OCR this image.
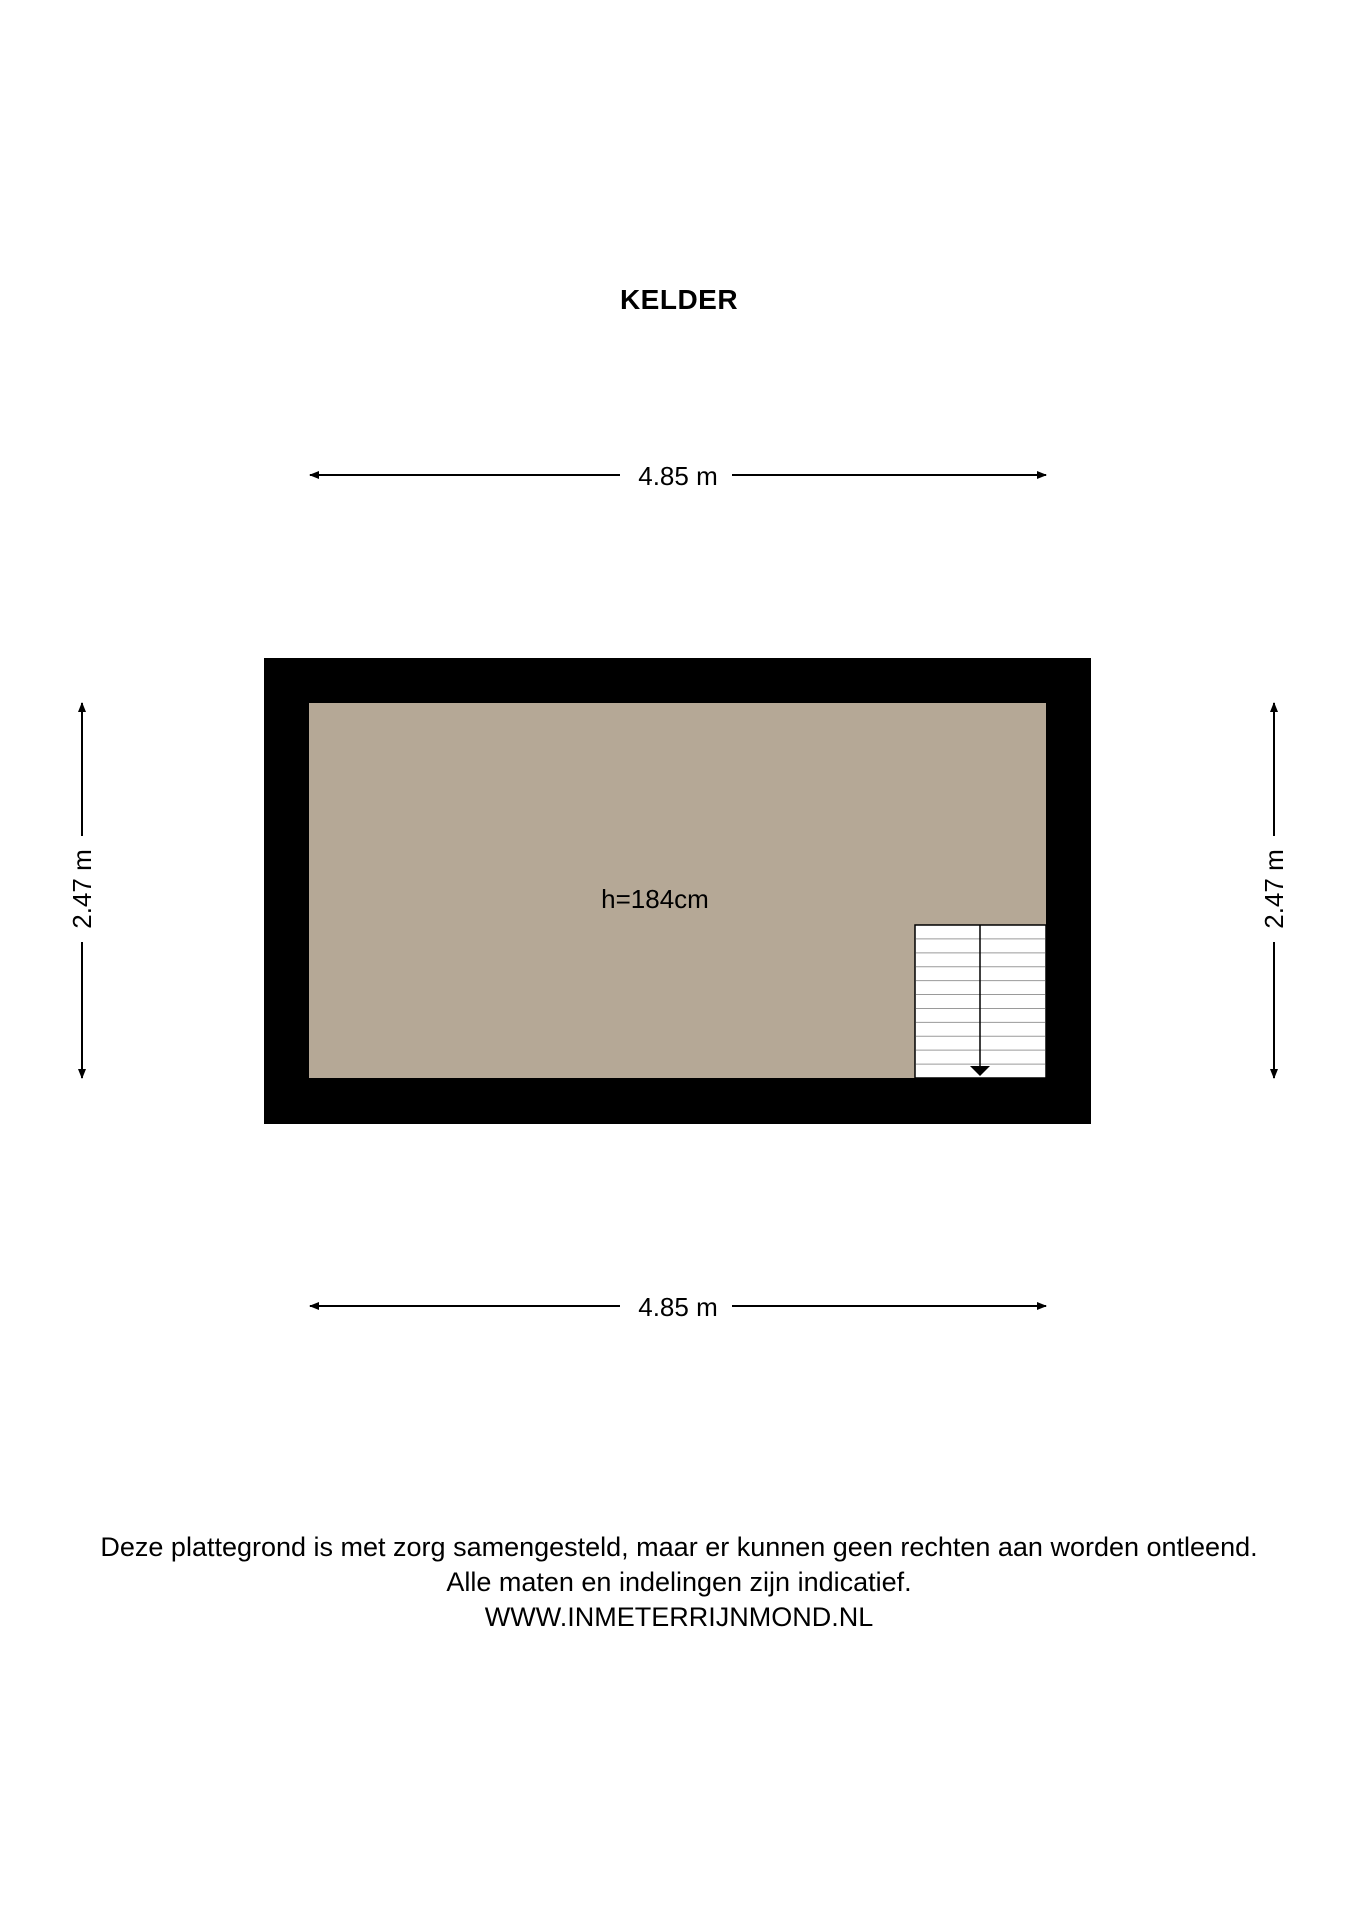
KELDER
4.85 m
4.85 m
2.47 m	2.47 m
h=184cm
Deze plattegrond is met zorg samengesteld, maar er kunnen geen rechten aan worden ontleend.
Alle maten en indelingen zijn indicatief.
WWW.INMETERRIJNMOND.NL
